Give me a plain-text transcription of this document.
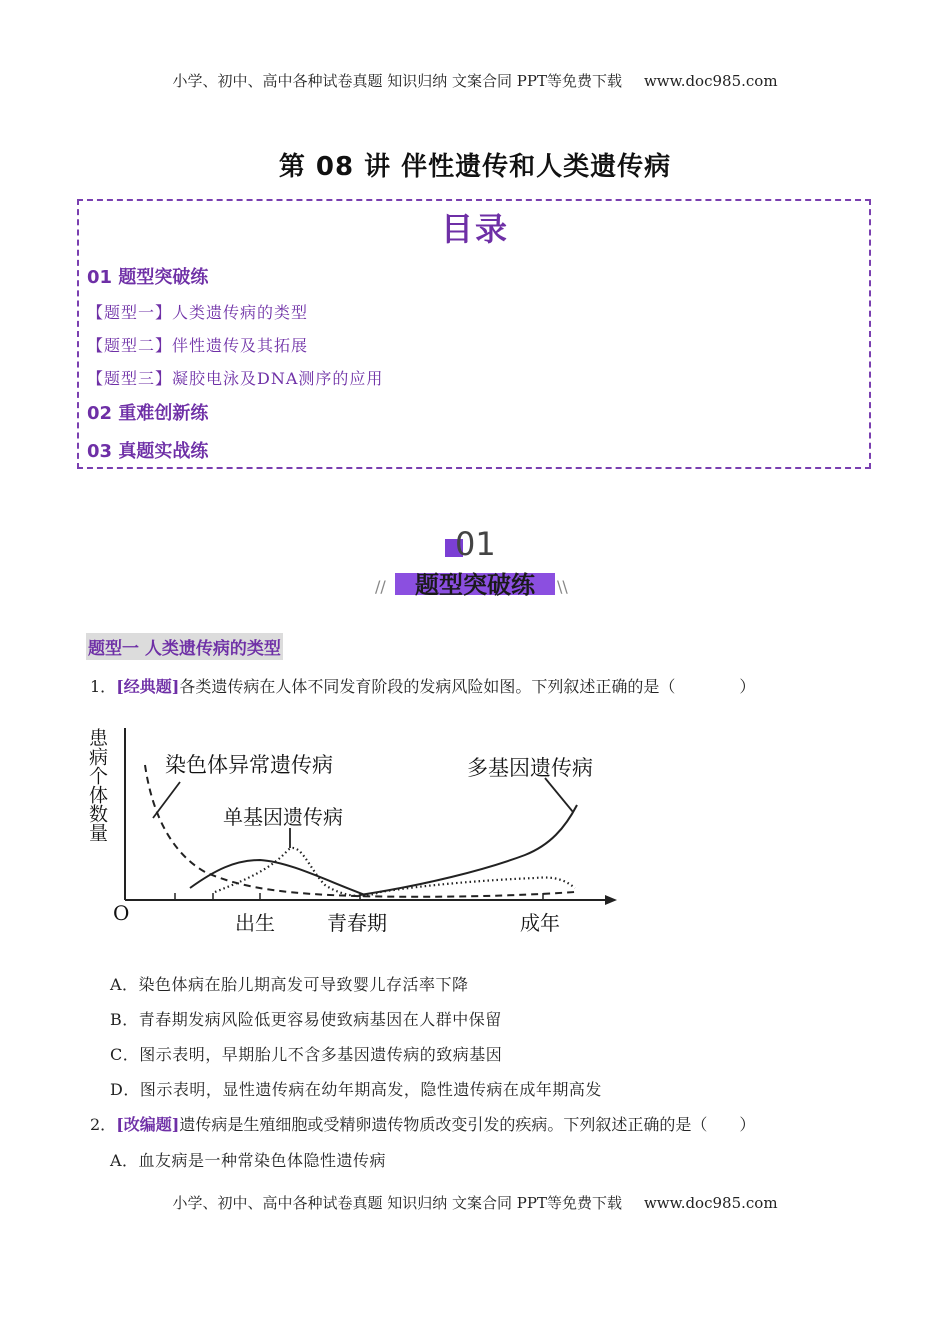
小学、初中、高中各种试卷真题 知识归纳 文案合同 PPT等免费下载 www.doc985.com
第 08 讲 伴性遗传和人类遗传病
目录
01 题型突破练
【题型一】人类遗传病的类型
【题型二】伴性遗传及其拓展
【题型三】凝胶电泳及DNA测序的应用
02 重难创新练
03 真题实战练
01
题型突破练
//	\\
题型一 人类遗传病的类型
1．[经典题]各类遗传病在人体不同发育阶段的发病风险如图。下列叙述正确的是（　　　　）
染色体异常遗传病
单基因遗传病
多基因遗传病
O	出生	青春期	成年
患病个体数量
A．染色体病在胎儿期高发可导致婴儿存活率下降
B．青春期发病风险低更容易使致病基因在人群中保留
C．图示表明，早期胎儿不含多基因遗传病的致病基因
D．图示表明，显性遗传病在幼年期高发，隐性遗传病在成年期高发
2．[改编题]遗传病是生殖细胞或受精卵遗传物质改变引发的疾病。下列叙述正确的是（　　）
A．血友病是一种常染色体隐性遗传病
小学、初中、高中各种试卷真题 知识归纳 文案合同 PPT等免费下载 www.doc985.com
